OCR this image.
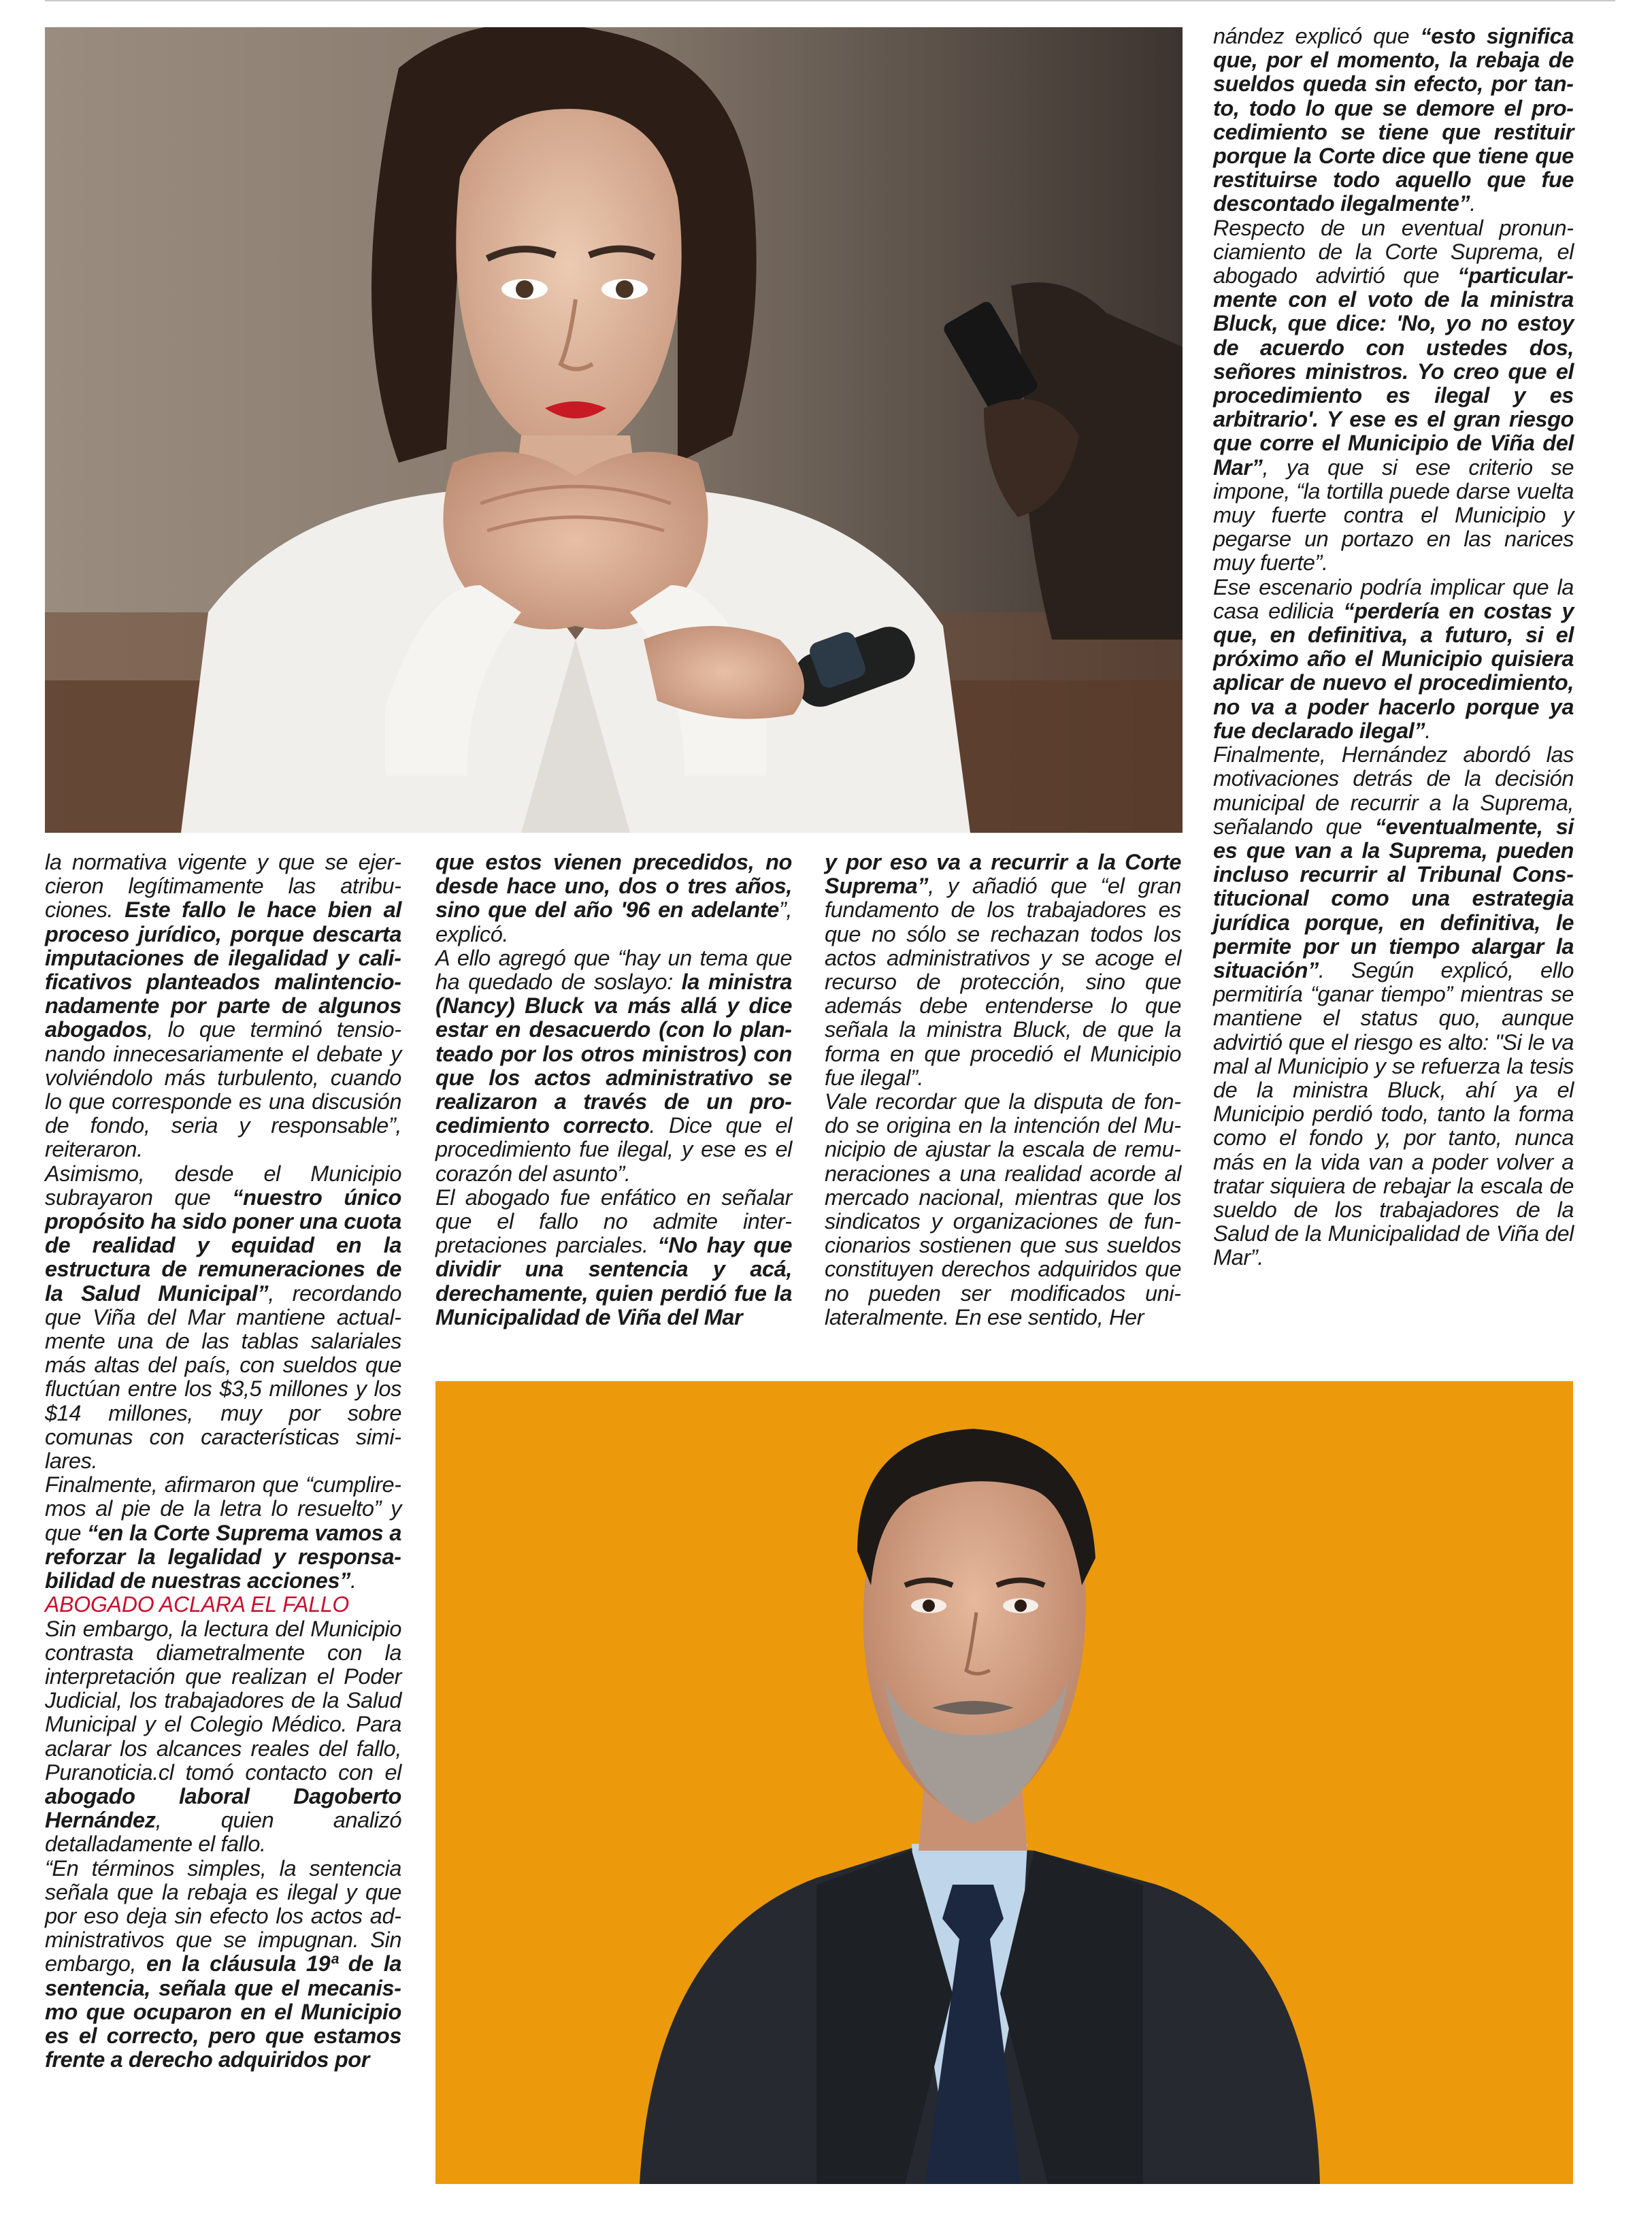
la normativa vigente y que se ejercieron legítimamente las atribuciones. Este fallo le hace bien al proceso jurídico, porque descarta imputaciones de ilegalidad y calificativos planteados malintencionadamente por parte de algunos abogados, lo que terminó tensionando innecesariamente el debate y volviéndolo más turbulento, cuando lo que corresponde es una discusión de fondo, seria y responsable”, reiteraron.

Asimismo, desde el Municipio subrayaron que “nuestro único propósito ha sido poner una cuota de realidad y equidad en la estructura de remuneraciones de la Salud Municipal”, recordando que Viña del Mar mantiene actualmente una de las tablas salariales más altas del país, con sueldos que fluctúan entre los $3,5 millones y los $14 millones, muy por sobre comunas con características similares.

Finalmente, afirmaron que “cumpliremos al pie de la letra lo resuelto” y que “en la Corte Suprema vamos a reforzar la legalidad y responsabilidad de nuestras acciones”.

ABOGADO ACLARA EL FALLO

Sin embargo, la lectura del Municipio contrasta diametralmente con la interpretación que realizan el Poder Judicial, los trabajadores de la Salud Municipal y el Colegio Médico. Para aclarar los alcances reales del fallo, Puranoticia.cl tomó contacto con el abogado laboral Dagoberto Hernández, quien analizó detalladamente el fallo.

“En términos simples, la sentencia señala que la rebaja es ilegal y que por eso deja sin efecto los actos administrativos que se impugnan. Sin embargo, en la cláusula 19ª de la sentencia, señala que el mecanismo que ocuparon en el Municipio es el correcto, pero que estamos frente a derecho adquiridos por

que estos vienen precedidos, no desde hace uno, dos o tres años, sino que del año '96 en adelante”, explicó.

A ello agregó que “hay un tema que ha quedado de soslayo: la ministra (Nancy) Bluck va más allá y dice estar en desacuerdo (con lo planteado por los otros ministros) con que los actos administrativo se realizaron a través de un procedimiento correcto. Dice que el procedimiento fue ilegal, y ese es el corazón del asunto”.

El abogado fue enfático en señalar que el fallo no admite interpretaciones parciales. “No hay que dividir una sentencia y acá, derechamente, quien perdió fue la Municipalidad de Viña del Mar

y por eso va a recurrir a la Corte Suprema”, y añadió que “el gran fundamento de los trabajadores es que no sólo se rechazan todos los actos administrativos y se acoge el recurso de protección, sino que además debe entenderse lo que señala la ministra Bluck, de que la forma en que procedió el Municipio fue ilegal”.

Vale recordar que la disputa de fondo se origina en la intención del Municipio de ajustar la escala de remuneraciones a una realidad acorde al mercado nacional, mientras que los sindicatos y organizaciones de funcionarios sostienen que sus sueldos constituyen derechos adquiridos que no pueden ser modificados unilateralmente. En ese sentido, Her

nández explicó que “esto significa que, por el momento, la rebaja de sueldos queda sin efecto, por tanto, todo lo que se demore el procedimiento se tiene que restituir porque la Corte dice que tiene que restituirse todo aquello que fue descontado ilegalmente”.

Respecto de un eventual pronunciamiento de la Corte Suprema, el abogado advirtió que “particularmente con el voto de la ministra Bluck, que dice: 'No, yo no estoy de acuerdo con ustedes dos, señores ministros. Yo creo que el procedimiento es ilegal y es arbitrario'. Y ese es el gran riesgo que corre el Municipio de Viña del Mar”, ya que si ese criterio se impone, “la tortilla puede darse vuelta muy fuerte contra el Municipio y pegarse un portazo en las narices muy fuerte”.

Ese escenario podría implicar que la casa edilicia “perdería en costas y que, en definitiva, a futuro, si el próximo año el Municipio quisiera aplicar de nuevo el procedimiento, no va a poder hacerlo porque ya fue declarado ilegal”.

Finalmente, Hernández abordó las motivaciones detrás de la decisión municipal de recurrir a la Suprema, señalando que “eventualmente, si es que van a la Suprema, pueden incluso recurrir al Tribunal Constitucional como una estrategia jurídica porque, en definitiva, le permite por un tiempo alargar la situación”. Según explicó, ello permitiría “ganar tiempo” mientras se mantiene el status quo, aunque advirtió que el riesgo es alto: "Si le va mal al Municipio y se refuerza la tesis de la ministra Bluck, ahí ya el Municipio perdió todo, tanto la forma como el fondo y, por tanto, nunca más en la vida van a poder volver a tratar siquiera de rebajar la escala de sueldo de los trabajadores de la Salud de la Municipalidad de Viña del Mar”.
